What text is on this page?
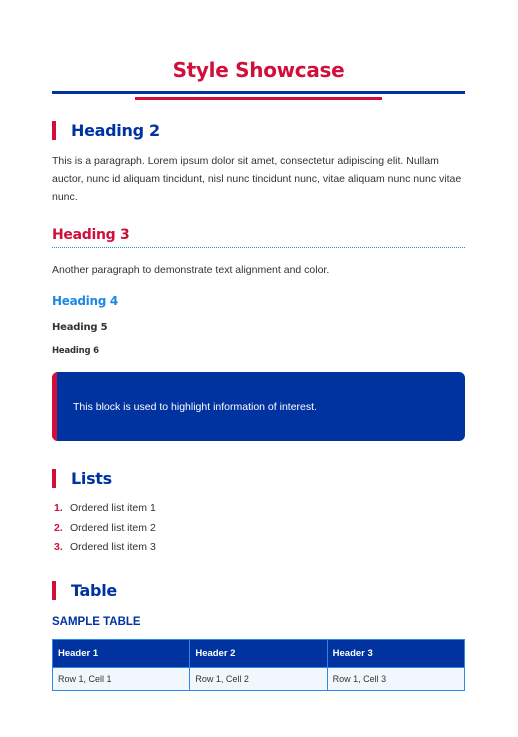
Style Showcase
Heading 2

This is a paragraph. Lorem ipsum dolor sit amet, consectetur adipiscing elit. Nullam auctor, nunc id aliquam tincidunt, nisl nunc tincidunt nunc, vitae aliquam nunc nunc vitae nunc.

Heading 3

Another paragraph to demonstrate text alignment and color.

Heading 4
Heading 5
Heading 6
This block is used to highlight information of interest.
Lists
1. Ordered list item 1
2. Ordered list item 2
3. Ordered list item 3
Table

SAMPLE TABLE

Header 1	Header 2	Header 3
Row 1, Cell 1	Row 1, Cell 2	Row 1, Cell 3
